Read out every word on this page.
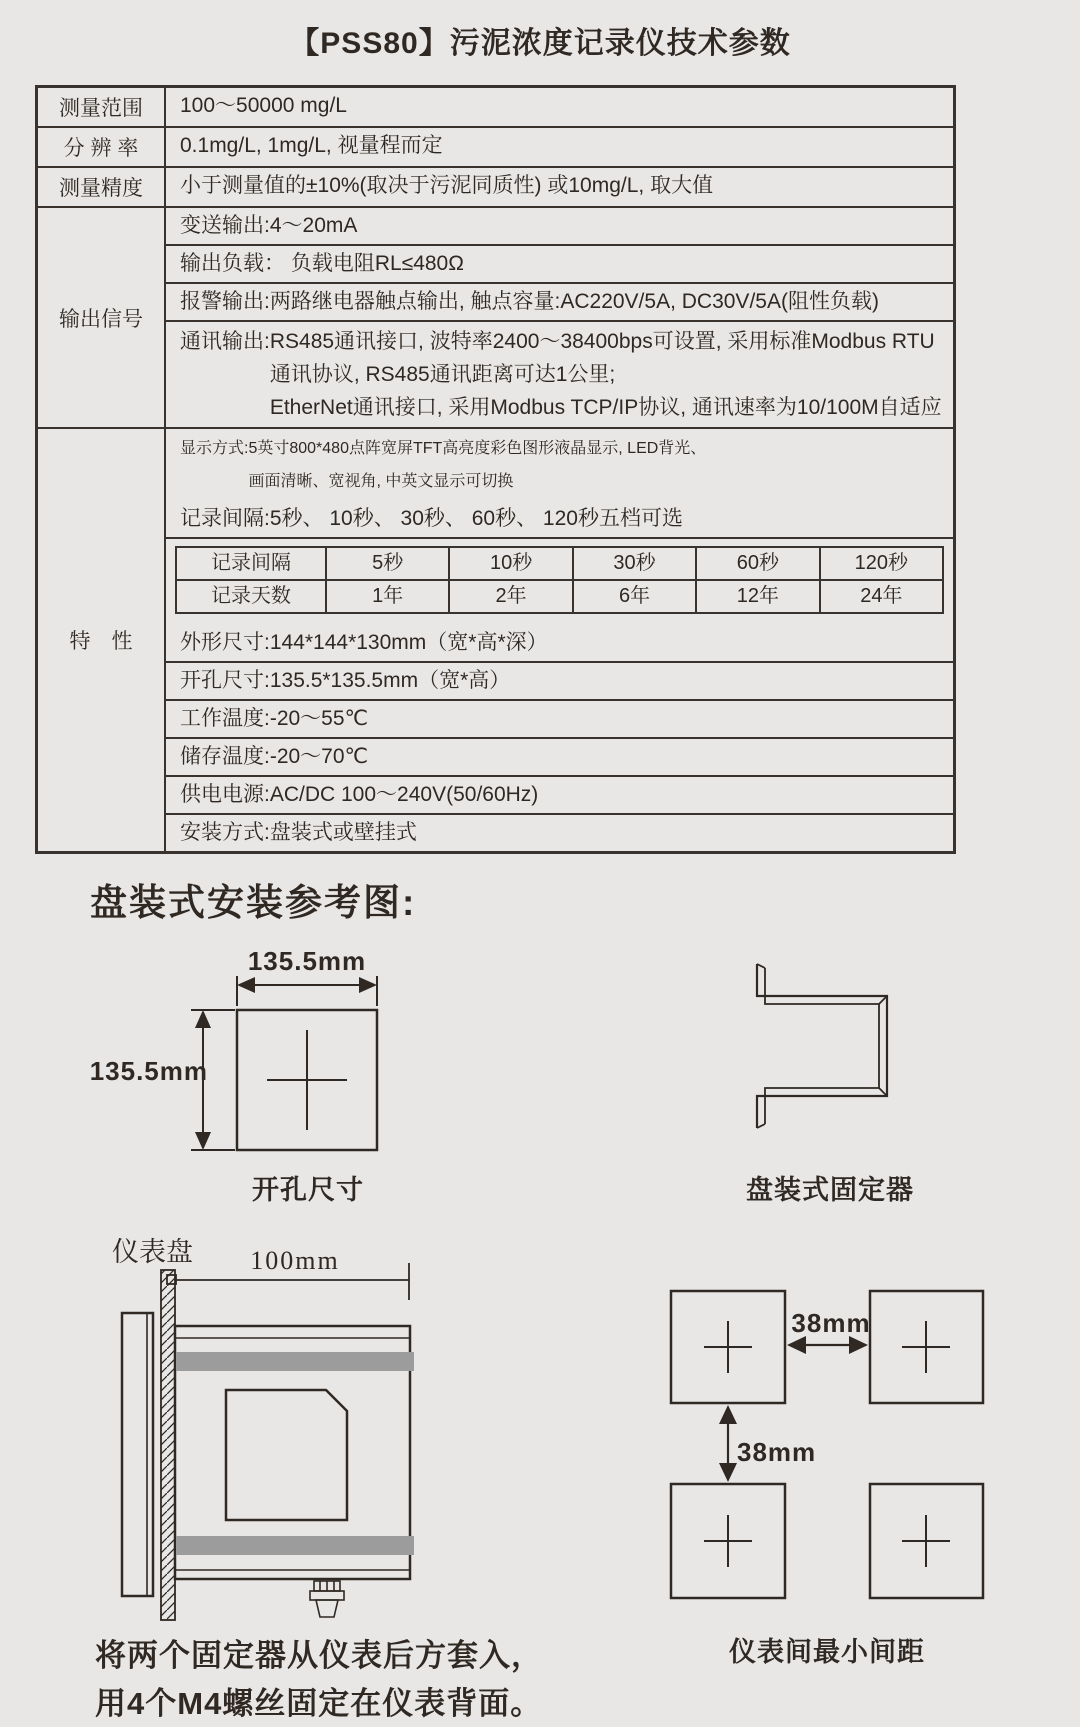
【PSS80】污泥浓度记录仪技术参数
测量范围	100～50000 mg/L
分 辨 率	0.1mg/L, 1mg/L, 视量程而定
测量精度	小于测量值的±10%(取决于污泥同质性) 或10mg/L, 取大值
输出信号
变送输出:4～20mA
输出负载： 负载电阻RL≤480Ω
报警输出:两路继电器触点输出, 触点容量:AC220V/5A, DC30V/5A(阻性负载)
通讯输出: RS485通讯接口, 波特率2400～38400bps可设置, 采用标准Modbus RTU
通讯协议, RS485通讯距离可达1公里;
EtherNet通讯接口, 采用Modbus TCP/IP协议, 通讯速率为10/100M自适应
特　性
显示方式: 5英寸800*480点阵宽屏TFT高亮度彩色图形液晶显示, LED背光、
画面清晰、宽视角, 中英文显示可切换
记录间隔:5秒、 10秒、 30秒、 60秒、 120秒五档可选
记录间隔	5秒	10秒	30秒	60秒	120秒
记录天数	1年	2年	6年	12年	24年
外形尺寸:144*144*130mm（宽*高*深）
开孔尺寸:135.5*135.5mm（宽*高）
工作温度:-20～55℃
储存温度:-20～70℃
供电电源:AC/DC 100～240V(50/60Hz)
安装方式:盘装式或壁挂式
盘装式安装参考图:
135.5mm
135.5mm
开孔尺寸	盘装式固定器
仪表盘	100mm
38mm
38mm
仪表间最小间距
将两个固定器从仪表后方套入，
用4个M4螺丝固定在仪表背面。
